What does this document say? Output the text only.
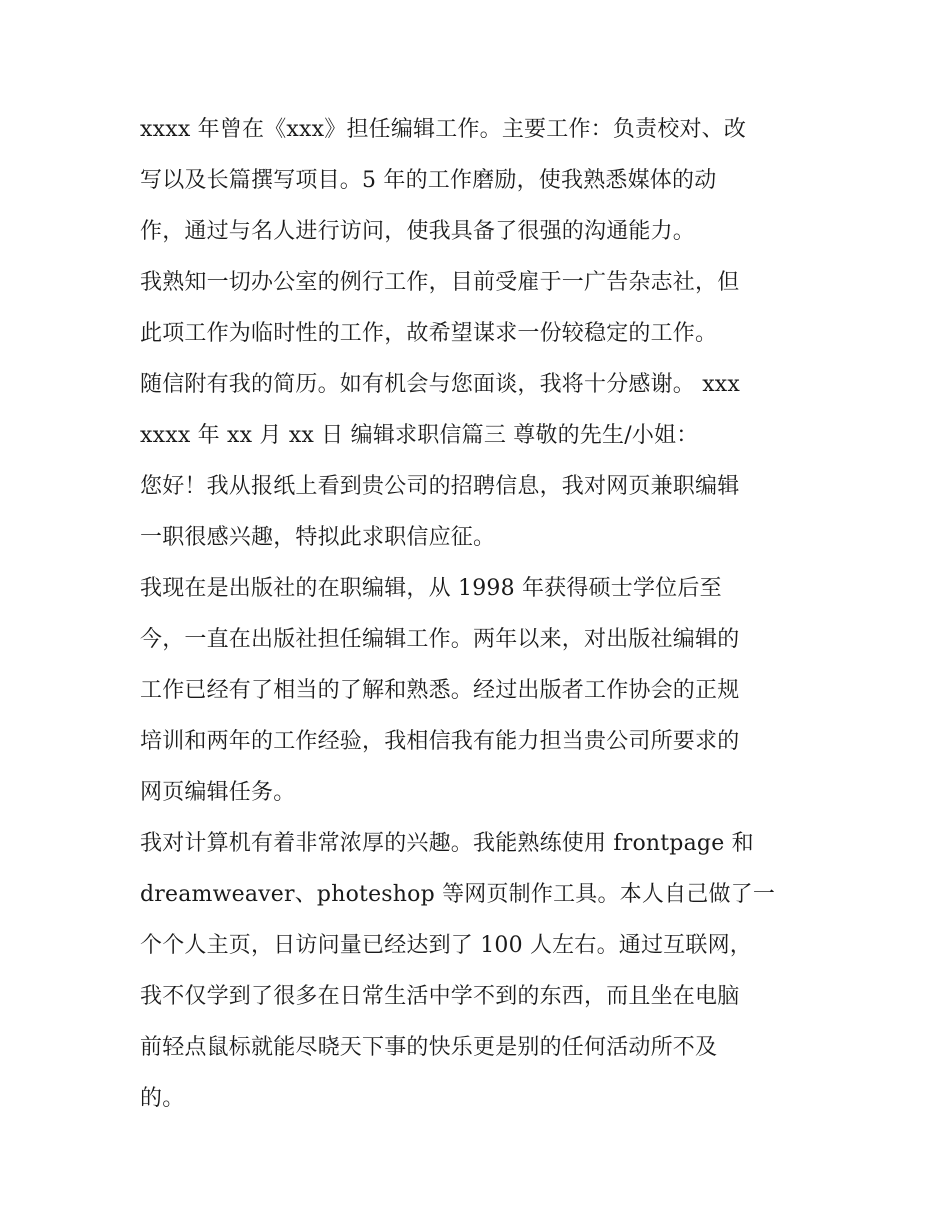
xxxx 年曾在《xxx》担任编辑工作。主要工作：负责校对、改
写以及长篇撰写项目。5 年的工作磨励，使我熟悉媒体的动
作，通过与名人进行访问，使我具备了很强的沟通能力。
我熟知一切办公室的例行工作，目前受雇于一广告杂志社，但
此项工作为临时性的工作，故希望谋求一份较稳定的工作。
随信附有我的简历。如有机会与您面谈，我将十分感谢。 xxx
xxxx 年 xx 月 xx 日 编辑求职信篇三 尊敬的先生/小姐：
您好！我从报纸上看到贵公司的招聘信息，我对网页兼职编辑
一职很感兴趣，特拟此求职信应征。
我现在是出版社的在职编辑，从 1998 年获得硕士学位后至
今，一直在出版社担任编辑工作。两年以来，对出版社编辑的
工作已经有了相当的了解和熟悉。经过出版者工作协会的正规
培训和两年的工作经验，我相信我有能力担当贵公司所要求的
网页编辑任务。
我对计算机有着非常浓厚的兴趣。我能熟练使用 frontpage 和
dreamweaver、photeshop 等网页制作工具。本人自己做了一
个个人主页，日访问量已经达到了 100 人左右。通过互联网，
我不仅学到了很多在日常生活中学不到的东西，而且坐在电脑
前轻点鼠标就能尽晓天下事的快乐更是别的任何活动所不及
的。
